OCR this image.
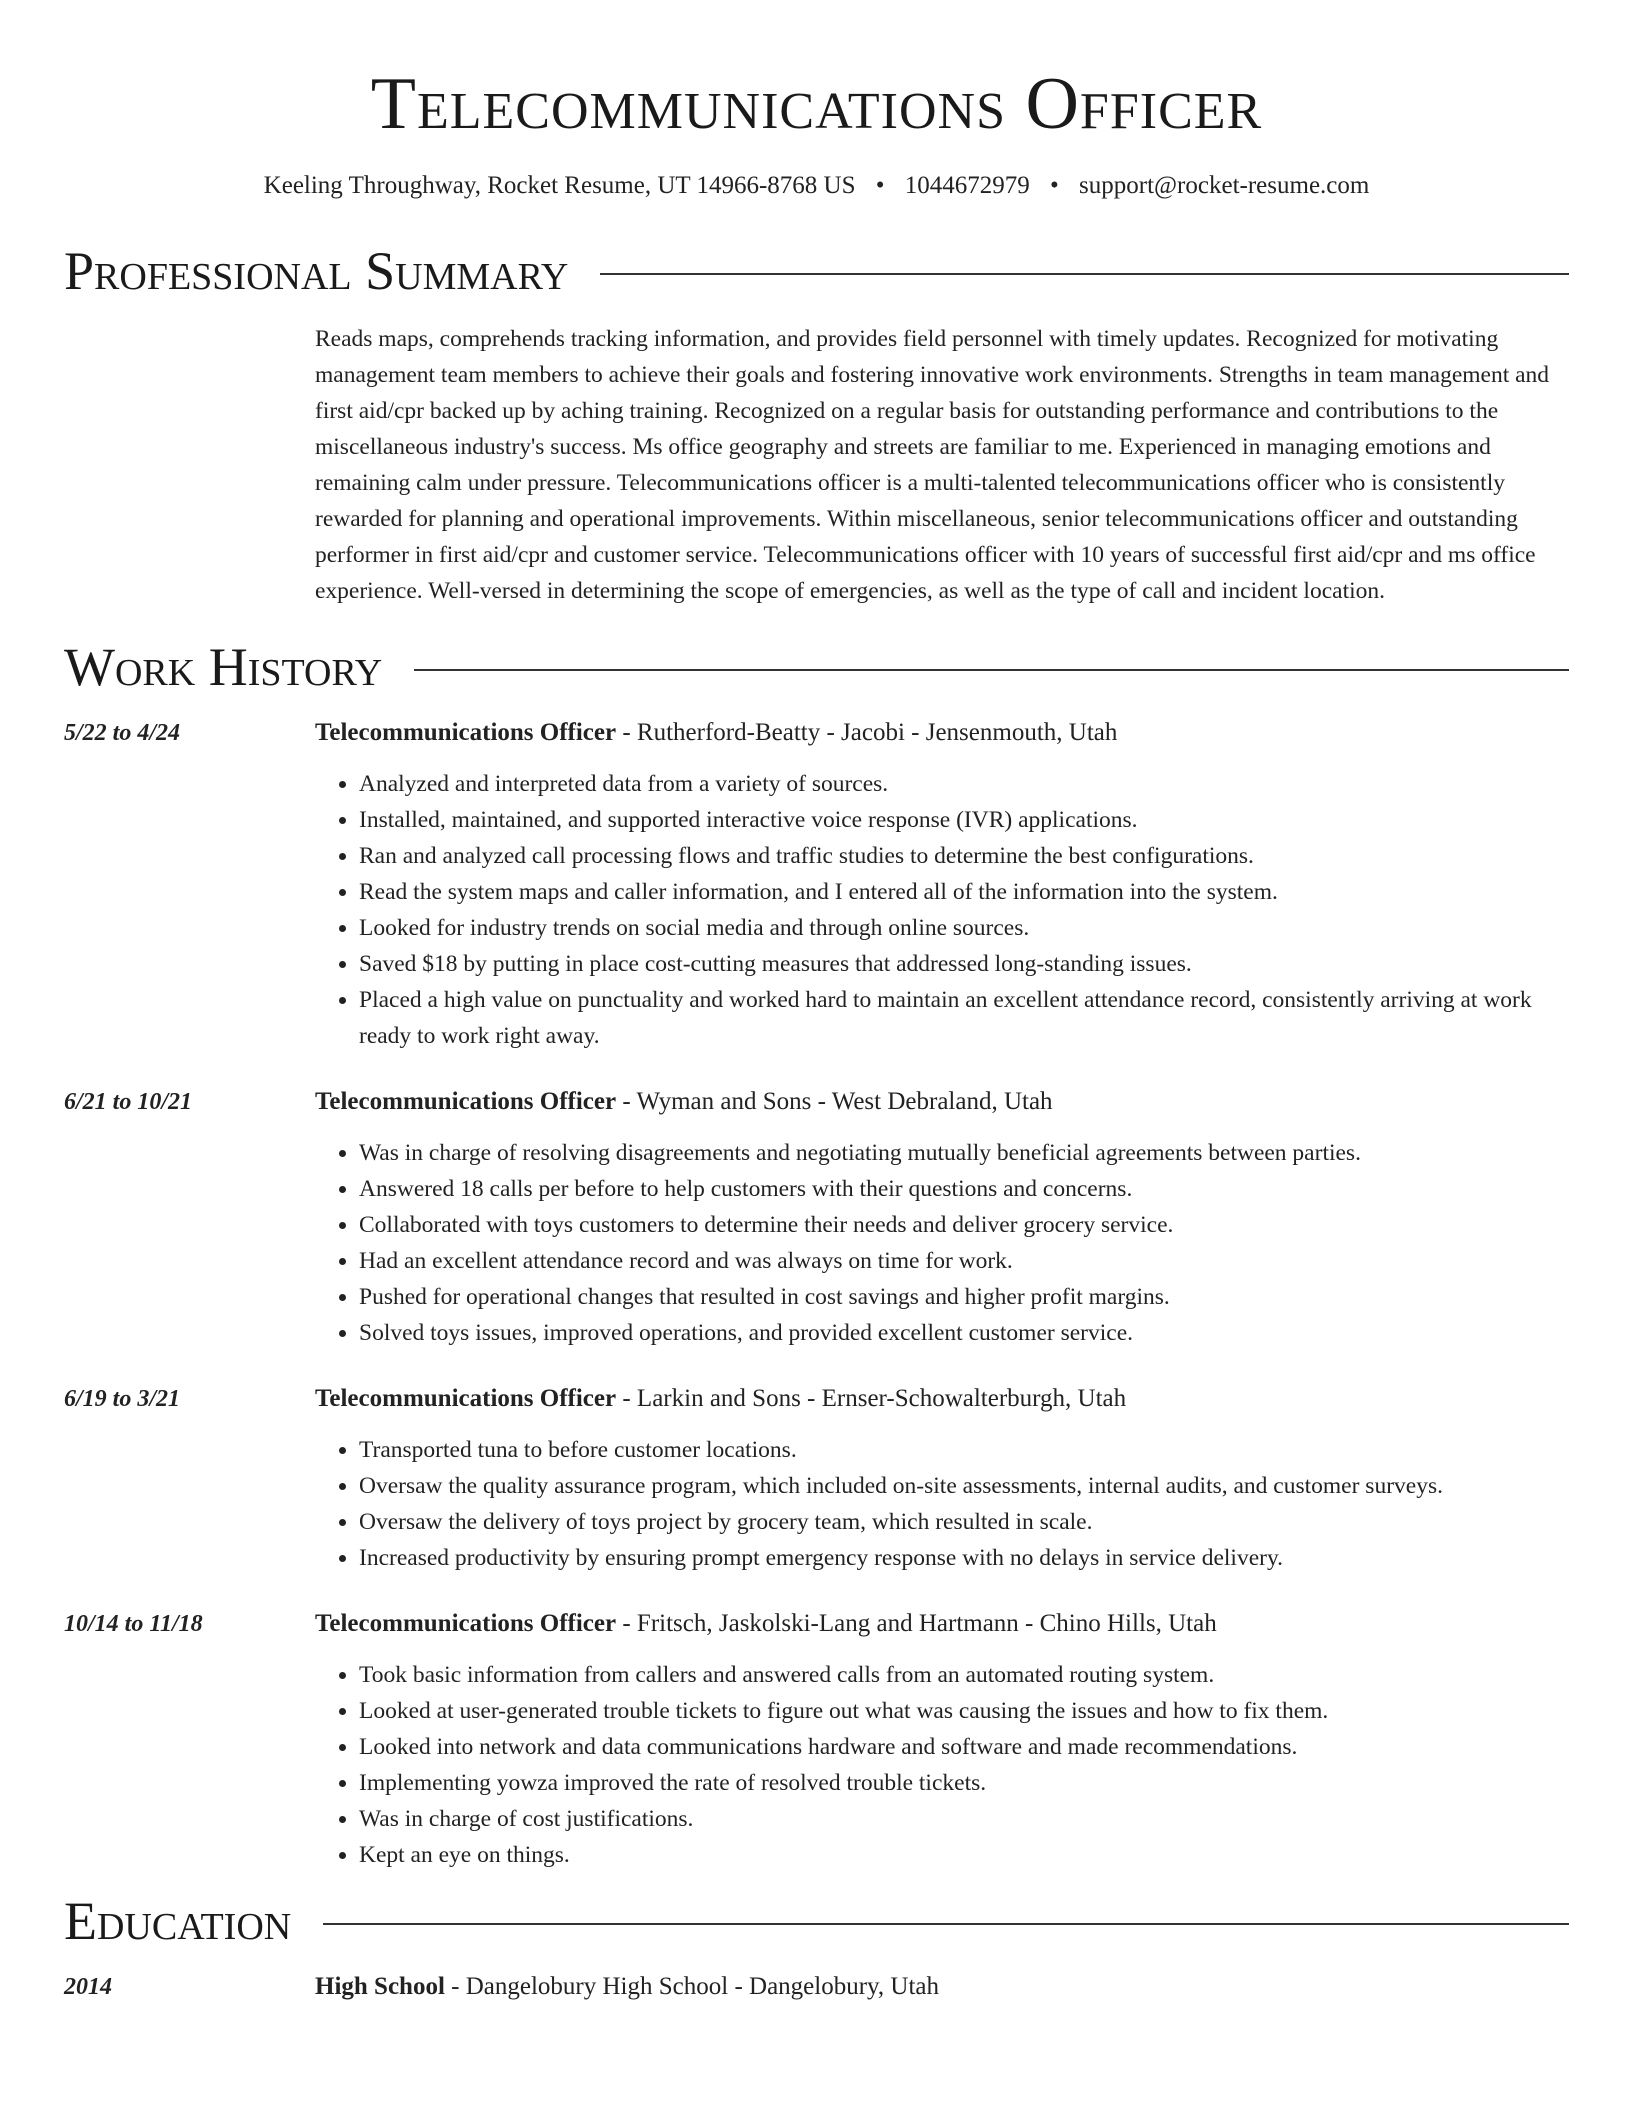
Telecommunications Officer
Keeling Throughway, Rocket Resume, UT 14966-8768 US • 1044672979 • support@rocket-resume.com
Professional Summary
Reads maps, comprehends tracking information, and provides field personnel with timely updates. Recognized for motivating management team members to achieve their goals and fostering innovative work environments. Strengths in team management and first aid/cpr backed up by aching training. Recognized on a regular basis for outstanding performance and contributions to the miscellaneous industry's success. Ms office geography and streets are familiar to me. Experienced in managing emotions and remaining calm under pressure. Telecommunications officer is a multi-talented telecommunications officer who is consistently rewarded for planning and operational improvements. Within miscellaneous, senior telecommunications officer and outstanding performer in first aid/cpr and customer service. Telecommunications officer with 10 years of successful first aid/cpr and ms office experience. Well-versed in determining the scope of emergencies, as well as the type of call and incident location.
Work History
5/22 to 4/24	Telecommunications Officer - Rutherford-Beatty - Jacobi - Jensenmouth, Utah
• Analyzed and interpreted data from a variety of sources.
• Installed, maintained, and supported interactive voice response (IVR) applications.
• Ran and analyzed call processing flows and traffic studies to determine the best configurations.
• Read the system maps and caller information, and I entered all of the information into the system.
• Looked for industry trends on social media and through online sources.
• Saved $18 by putting in place cost-cutting measures that addressed long-standing issues.
• Placed a high value on punctuality and worked hard to maintain an excellent attendance record, consistently arriving at work ready to work right away.
6/21 to 10/21	Telecommunications Officer - Wyman and Sons - West Debraland, Utah
• Was in charge of resolving disagreements and negotiating mutually beneficial agreements between parties.
• Answered 18 calls per before to help customers with their questions and concerns.
• Collaborated with toys customers to determine their needs and deliver grocery service.
• Had an excellent attendance record and was always on time for work.
• Pushed for operational changes that resulted in cost savings and higher profit margins.
• Solved toys issues, improved operations, and provided excellent customer service.
6/19 to 3/21	Telecommunications Officer - Larkin and Sons - Ernser-Schowalterburgh, Utah
• Transported tuna to before customer locations.
• Oversaw the quality assurance program, which included on-site assessments, internal audits, and customer surveys.
• Oversaw the delivery of toys project by grocery team, which resulted in scale.
• Increased productivity by ensuring prompt emergency response with no delays in service delivery.
10/14 to 11/18	Telecommunications Officer - Fritsch, Jaskolski-Lang and Hartmann - Chino Hills, Utah
• Took basic information from callers and answered calls from an automated routing system.
• Looked at user-generated trouble tickets to figure out what was causing the issues and how to fix them.
• Looked into network and data communications hardware and software and made recommendations.
• Implementing yowza improved the rate of resolved trouble tickets.
• Was in charge of cost justifications.
• Kept an eye on things.
Education
2014	High School - Dangelobury High School - Dangelobury, Utah
